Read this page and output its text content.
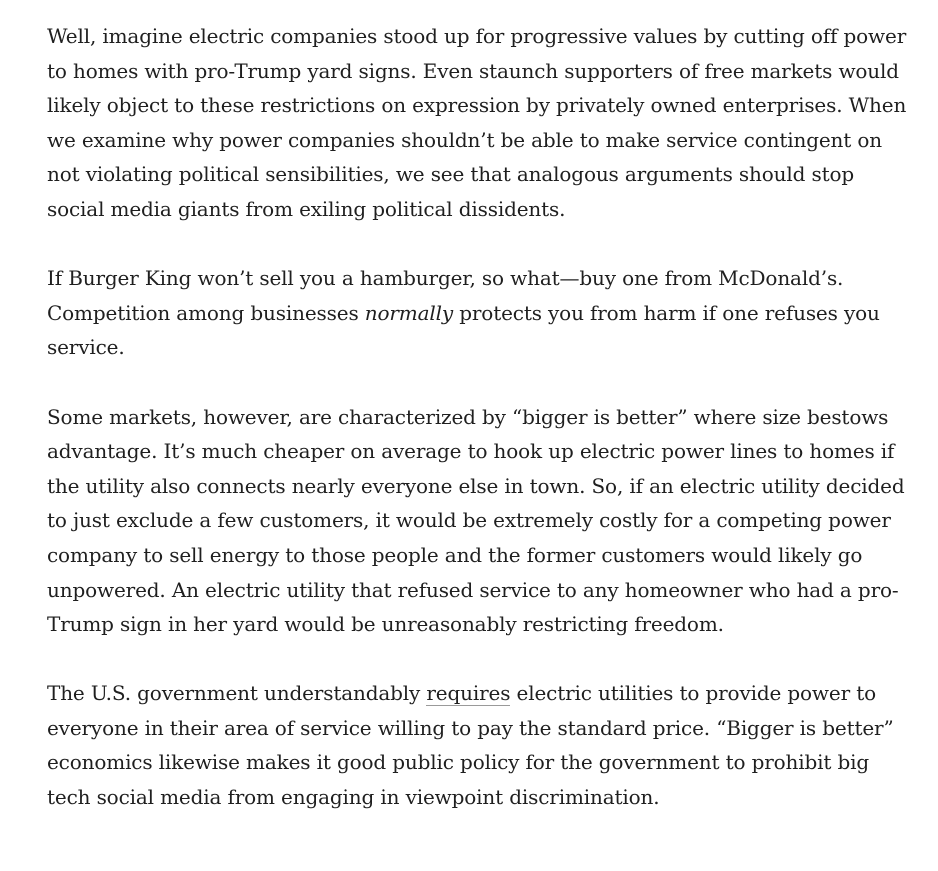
Well, imagine electric companies stood up for progressive values by cutting off power to homes with pro-Trump yard signs. Even staunch supporters of free markets would likely object to these restrictions on expression by privately owned enterprises. When we examine why power companies shouldn’t be able to make service contingent on not violating political sensibilities, we see that analogous arguments should stop social media giants from exiling political dissidents.

If Burger King won’t sell you a hamburger, so what—buy one from McDonald’s. Competition among businesses normally protects you from harm if one refuses you service.

Some markets, however, are characterized by “bigger is better” where size bestows advantage. It’s much cheaper on average to hook up electric power lines to homes if the utility also connects nearly everyone else in town. So, if an electric utility decided to just exclude a few customers, it would be extremely costly for a competing power company to sell energy to those people and the former customers would likely go unpowered. An electric utility that refused service to any homeowner who had a pro-Trump sign in her yard would be unreasonably restricting freedom.

The U.S. government understandably requires electric utilities to provide power to everyone in their area of service willing to pay the standard price. “Bigger is better” economics likewise makes it good public policy for the government to prohibit big tech social media from engaging in viewpoint discrimination.
